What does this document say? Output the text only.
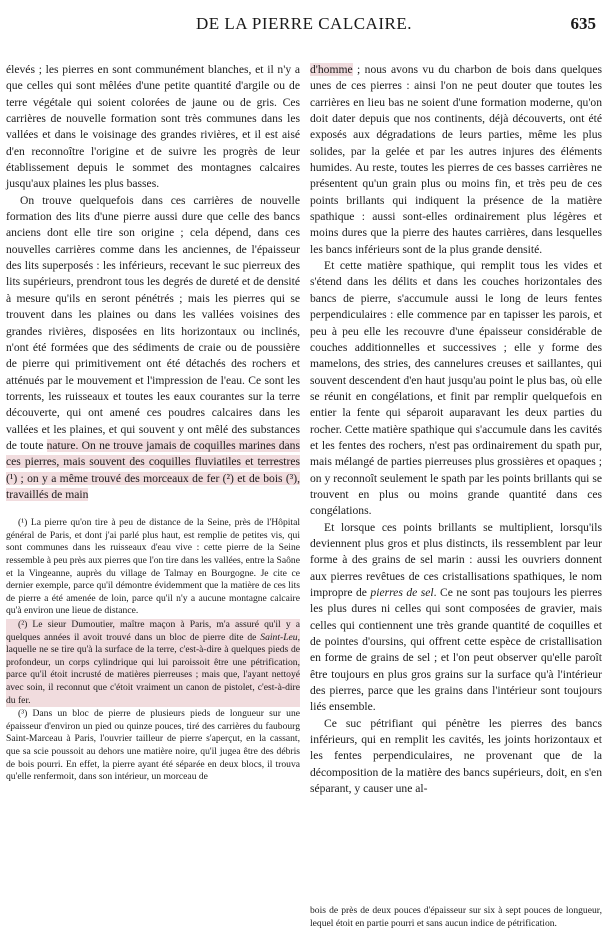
DE LA PIERRE CALCAIRE.	635

élevés ; les pierres en sont communément blanches, et il n'y a que celles qui sont mêlées d'une petite quantité d'argile ou de terre végétale qui soient colorées de jaune ou de gris. Ces carrières de nouvelle formation sont très communes dans les vallées et dans le voisinage des grandes rivières, et il est aisé d'en reconnoître l'origine et de suivre les progrès de leur établissement depuis le sommet des montagnes calcaires jusqu'aux plaines les plus basses.

On trouve quelquefois dans ces carrières de nouvelle formation des lits d'une pierre aussi dure que celle des bancs anciens dont elle tire son origine ; cela dépend, dans ces nouvelles carrières comme dans les anciennes, de l'épaisseur des lits superposés : les inférieurs, recevant le suc pierreux des lits supérieurs, prendront tous les degrés de dureté et de densité à mesure qu'ils en seront pénétrés ; mais les pierres qui se trouvent dans les plaines ou dans les vallées voisines des grandes rivières, disposées en lits horizontaux ou inclinés, n'ont été formées que des sédiments de craie ou de poussière de pierre qui primitivement ont été détachés des rochers et atténués par le mouvement et l'impression de l'eau. Ce sont les torrents, les ruisseaux et toutes les eaux courantes sur la terre découverte, qui ont amené ces poudres calcaires dans les vallées et les plaines, et qui souvent y ont mêlé des substances de toute nature. On ne trouve jamais de coquilles marines dans ces pierres, mais souvent des coquilles fluviatiles et terrestres (¹) ; on y a même trouvé des morceaux de fer (²) et de bois (³), travaillés de main

(¹) La pierre qu'on tire à peu de distance de la Seine, près de l'Hôpital général de Paris, et dont j'ai parlé plus haut, est remplie de petites vis, qui sont communes dans les ruisseaux d'eau vive : cette pierre de la Seine ressemble à peu près aux pierres que l'on tire dans les vallées, entre la Saône et la Vingeanne, auprès du village de Talmay en Bourgogne. Je cite ce dernier exemple, parce qu'il démontre évidemment que la matière de ces lits de pierre a été amenée de loin, parce qu'il n'y a aucune montagne calcaire qu'à environ une lieue de distance.

(²) Le sieur Dumoutier, maître maçon à Paris, m'a assuré qu'il y a quelques années il avoit trouvé dans un bloc de pierre dite de Saint-Leu, laquelle ne se tire qu'à la surface de la terre, c'est-à-dire à quelques pieds de profondeur, un corps cylindrique qui lui paroissoit être une pétrification, parce qu'il étoit incrusté de matières pierreuses ; mais que, l'ayant nettoyé avec soin, il reconnut que c'étoit vraiment un canon de pistolet, c'est-à-dire du fer.

(³) Dans un bloc de pierre de plusieurs pieds de longueur sur une épaisseur d'environ un pied ou quinze pouces, tiré des carrières du faubourg Saint-Marceau à Paris, l'ouvrier tailleur de pierre s'aperçut, en la cassant, que sa scie poussoit au dehors une matière noire, qu'il jugea être des débris de bois pourri. En effet, la pierre ayant été séparée en deux blocs, il trouva qu'elle renfermoit, dans son intérieur, un morceau de

d'homme ; nous avons vu du charbon de bois dans quelques unes de ces pierres : ainsi l'on ne peut douter que toutes les carrières en lieu bas ne soient d'une formation moderne, qu'on doit dater depuis que nos continents, déjà découverts, ont été exposés aux dégradations de leurs parties, même les plus solides, par la gelée et par les autres injures des éléments humides. Au reste, toutes les pierres de ces basses carrières ne présentent qu'un grain plus ou moins fin, et très peu de ces points brillants qui indiquent la présence de la matière spathique : aussi sont-elles ordinairement plus légères et moins dures que la pierre des hautes carrières, dans lesquelles les bancs inférieurs sont de la plus grande densité.

Et cette matière spathique, qui remplit tous les vides et s'étend dans les délits et dans les couches horizontales des bancs de pierre, s'accumule aussi le long de leurs fentes perpendiculaires : elle commence par en tapisser les parois, et peu à peu elle les recouvre d'une épaisseur considérable de couches additionnelles et successives ; elle y forme des mamelons, des stries, des cannelures creuses et saillantes, qui souvent descendent d'en haut jusqu'au point le plus bas, où elle se réunit en congélations, et finit par remplir quelquefois en entier la fente qui séparoit auparavant les deux parties du rocher. Cette matière spathique qui s'accumule dans les cavités et les fentes des rochers, n'est pas ordinairement du spath pur, mais mélangé de parties pierreuses plus grossières et opaques ; on y reconnoît seulement le spath par les points brillants qui se trouvent en plus ou moins grande quantité dans ces congélations.

Et lorsque ces points brillants se multiplient, lorsqu'ils deviennent plus gros et plus distincts, ils ressemblent par leur forme à des grains de sel marin : aussi les ouvriers donnent aux pierres revêtues de ces cristallisations spathiques, le nom impropre de pierres de sel. Ce ne sont pas toujours les pierres les plus dures ni celles qui sont composées de gravier, mais celles qui contiennent une très grande quantité de coquilles et de pointes d'oursins, qui offrent cette espèce de cristallisation en forme de grains de sel ; et l'on peut observer qu'elle paroît être toujours en plus gros grains sur la surface qu'à l'intérieur des pierres, parce que les grains dans l'intérieur sont toujours liés ensemble.

Ce suc pétrifiant qui pénètre les pierres des bancs inférieurs, qui en remplit les cavités, les joints horizontaux et les fentes perpendiculaires, ne provenant que de la décomposition de la matière des bancs supérieurs, doit, en s'en séparant, y causer une al-

bois de près de deux pouces d'épaisseur sur six à sept pouces de longueur, lequel étoit en partie pourri et sans aucun indice de pétrification.
